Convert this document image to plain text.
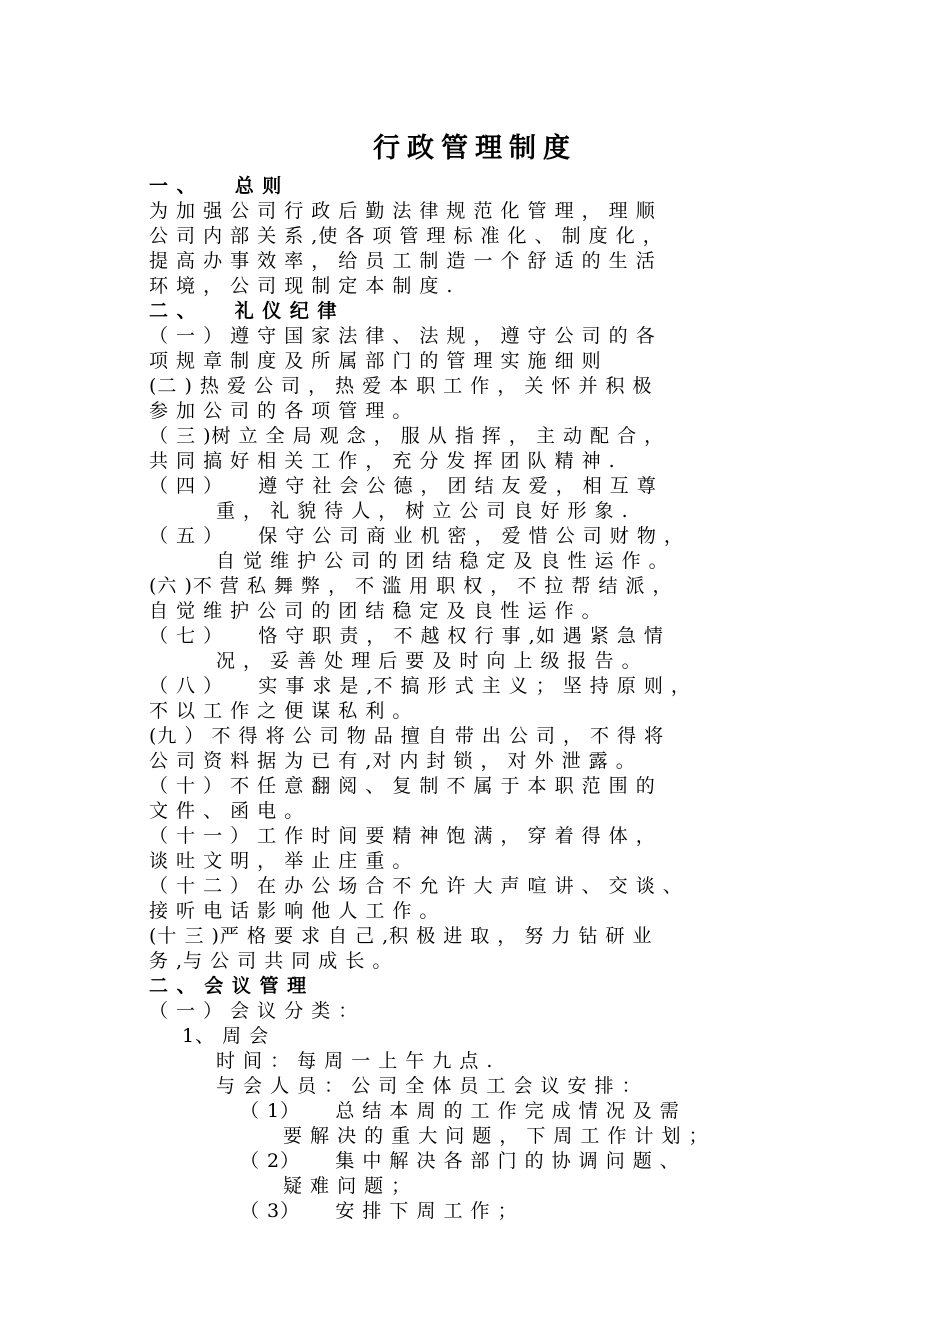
行政管理制度
一 、     总 则
为 加 强 公 司 行 政 后 勤 法 律 规 范 化 管 理 ， 理 顺
公 司 内 部 关 系 ,使 各 项 管 理 标 准 化 、 制 度 化 ，
提 高 办 事 效 率 ， 给 员 工 制 造 一 个 舒 适 的 生 活
环 境 ， 公 司 现 制 定 本 制 度 .
二 、     礼 仪 纪 律
（ 一 ） 遵 守 国 家 法 律 、 法 规 ， 遵 守 公 司 的 各
项 规 章 制 度 及 所 属 部 门 的 管 理 实 施 细 则
(二 ) 热 爱 公 司 ， 热 爱 本 职 工 作 ， 关 怀 并 积 极
参 加 公 司 的 各 项 管 理 。
（ 三 )树 立 全 局 观 念 ， 服 从 指 挥 ， 主 动 配 合 ，
共 同 搞 好 相 关 工 作 ， 充 分 发 挥 团 队 精 神 .
（ 四 ）     遵 守 社 会 公 德 ， 团 结 友 爱 ， 相 互 尊
重 ， 礼 貌 待 人 ， 树 立 公 司 良 好 形 象 .
（ 五 ）     保 守 公 司 商 业 机 密 ， 爱 惜 公 司 财 物 ，
自 觉 维 护 公 司 的 团 结 稳 定 及 良 性 运 作 。
(六 )不 营 私 舞 弊 ， 不 滥 用 职 权 ， 不 拉 帮 结 派 ，
自 觉 维 护 公 司 的 团 结 稳 定 及 良 性 运 作 。
（ 七 ）     恪 守 职 责 ， 不 越 权 行 事 ,如 遇 紧 急 情
况 ， 妥 善 处 理 后 要 及 时 向 上 级 报 告 。
（ 八 ）     实 事 求 是 ,不 搞 形 式 主 义 ； 坚 持 原 则 ，
不 以 工 作 之 便 谋 私 利 。
(九 ） 不 得 将 公 司 物 品 擅 自 带 出 公 司 ， 不 得 将
公 司 资 料 据 为 已 有 ,对 内 封 锁 ， 对 外 泄 露 。
（ 十 ） 不 任 意 翻 阅 、 复 制 不 属 于 本 职 范 围 的
文 件 、 函 电 。
（ 十 一 ） 工 作 时 间 要 精 神 饱 满 ， 穿 着 得 体 ，
谈 吐 文 明 ， 举 止 庄 重 。
（ 十 二 ） 在 办 公 场 合 不 允 许 大 声 喧 讲 、 交 谈 、
接 听 电 话 影 响 他 人 工 作 。
(十 三 )严 格 要 求 自 己 ,积 极 进 取 ， 努 力 钻 研 业
务 ,与 公 司 共 同 成 长 。
二 、 会 议 管 理
（ 一 ） 会 议 分 类 ：
1、 周 会
时 间 ： 每 周 一 上 午 九 点 .
与 会 人 员 ： 公 司 全 体 员 工 会 议 安 排 ：
（ 1）     总 结 本 周 的 工 作 完 成 情 况 及 需
要 解 决 的 重 大 问 题 ， 下 周 工 作 计 划 ；
（ 2）     集 中 解 决 各 部 门 的 协 调 问 题 、
疑 难 问 题 ；
（ 3）     安 排 下 周 工 作 ；
